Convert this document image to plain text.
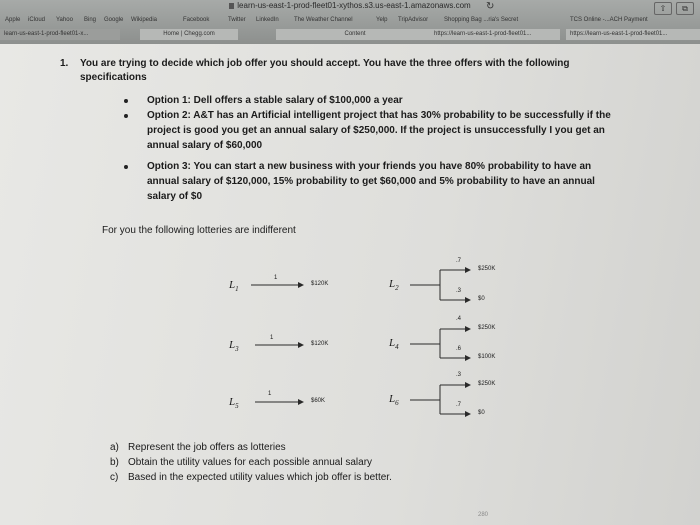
learn-us-east-1-prod-fleet01-xythos.s3.us-east-1.amazonaws.com	↻	⇧	⧉
Apple iCloud Yahoo Bing Google Wikipedia	Facebook	Twitter LinkedIn	The Weather Channel	Yelp TripAdvisor	Shopping Bag ...ria's Secret	TCS Online -...ACH Payment
learn-us-east-1-prod-fleet01-x...	Home | Chegg.com	Content	https://learn-us-east-1-prod-fleet01...	https://learn-us-east-1-prod-fleet01...
1. You are trying to decide which job offer you should accept. You have the three offers with the following
specifications
Option 1: Dell offers a stable salary of $100,000 a year
Option 2: A&T has an Artificial intelligent project that has 30% probability to be successfully if the
project is good you get an annual salary of $250,000. If the project is unsuccessfully I you get an
annual salary of $60,000
Option 3: You can start a new business with your friends you have 80% probability to have an
annual salary of $120,000, 15% probability to get $60,000 and 5% probability to have an annual
salary of $0
For you the following lotteries are indifferent
$L_1$
1
$120K
$L_3$
1
$120K
$L_5$
1
$60K
$L_2$
.7
$250K
.3
$0
$L_4$
.4
$250K
.6
$100K
$L_6$
.3
$250K
.7
$0
a) Represent the job offers as lotteries
b) Obtain the utility values for each possible annual salary
c) Based in the expected utility values which job offer is better.
280
